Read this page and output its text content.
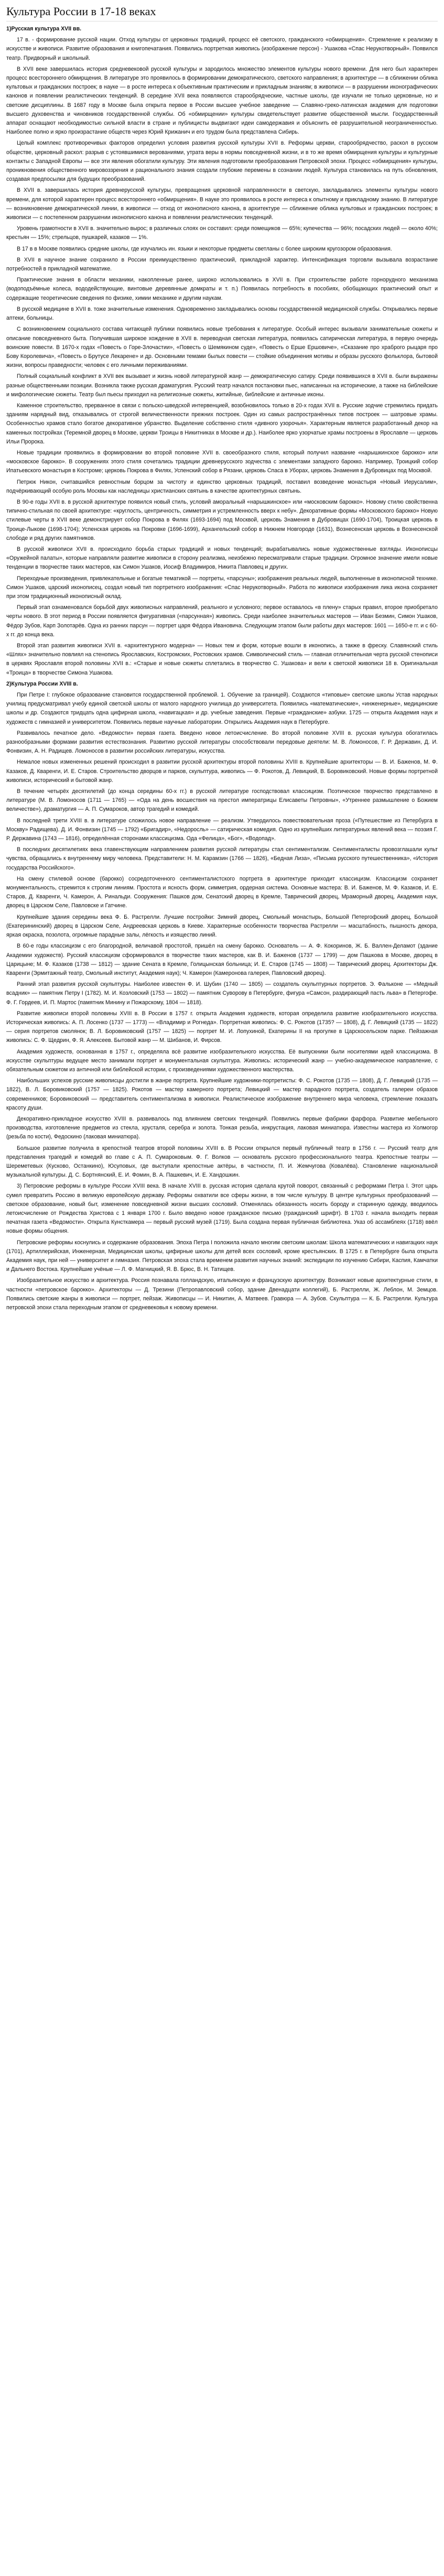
Культура России в 17-18 веках
1)Русская культура XVII вв.

17 в. - формирование русской нации. Отход культуры от церковных традиций, процесс её светского, гражданского «обмирщения». Стремление к реализму в искусстве и живописи. Развитие образования и книгопечатания. Появились портретная живопись (изображение персон) - Ушакова «Спас Нерукотворный». Появился театр. Придворный и школьный.

В XVII веке завершилась история средневековой русской культуры и зародилось множество элементов культуры нового времени. Для него был характерен процесс всестороннего обмирщения. В литературе это проявилось в формировании демократического, светского направления; в архитектуре — в сближении облика культовых и гражданских построек; в науке — в росте интереса к объективным практическим и прикладным знаниям; в живописи — в разрушении иконографических канонов и появлении реалистических тенденций. В середине XVII века появляются старообрядческие, частные школы, где изучали не только церковные, но и светские дисциплины. В 1687 году в Москве была открыта первое в России высшее учебное заведение — Славяно-греко-латинская академия для подготовки высшего духовенства и чиновников государственной службы. Об «обмирщении» культуры свидетельствует развитие общественной мысли. Государственный аппарат оснащают необходимостью сильной власти в стране и публицисты выдвигают идеи самодержавия и объяснить её разрушительной неограниченностью. Наиболее полно и ярко произрастание обществ через Юрий Крижанич и его трудом была представлена Сибирь.

Целый комплекс противоречивых факторов определил условия развития русской культуры XVII в. Реформы церкви, старообрядчество, раскол в русском обществе, церковный раскол: разрыв с устоявшимися верованиями, утрата веры в нормы повседневной жизни, и в то же время обмирщения культуры и культурные контакты с Западной Европы — все эти явления обогатили культуру. Эти явления подготовили преобразования Петровской эпохи. Процесс «обмирщения» культуры, проникновения общественного мировоззрения и рационального знания создали глубокие перемены в сознании людей. Культура становилась на путь обновления, создавая предпосылки для будущих преобразований.

В XVII в. завершилась история древнерусской культуры, превращения церковной направленности в светскую, закладывались элементы культуры нового времени, для которой характерен процесс всестороннего «обмирщения». В науке это проявилось в росте интереса к опытному и прикладному знанию. В литературе — возникновение демократической линии, в живописи — отход от иконописного канона, в архитектуре — сближение облика культовых и гражданских построек; в живописи — с постепенном разрушении иконописного канона и появлении реалистических тенденций.

Уровень грамотности в XVII в. значительно вырос; в различных слоях он составил: среди помещиков — 65%; купечества — 96%; посадских людей — около 40%; крестьян — 15%; стрельцов, пушкарей, казаков — 1%.

В 17 в в Москве появились средние школы, где изучались ин. языки и некоторые предметы светланы с более широким кругозором образования.

В XVII в научное знание сохранило в России преимущественно практический, прикладной характер. Интенсификация торговли вызывала возрастание потребностей в прикладной математике.

Практические знания в области механики, накопленные ранее, широко использовались в XVII в. При строительстве работе горнорудного механизма (водоподъёмные колеса, вододействующие, винтовые деревянные домкраты и т. п.) Появилась потребность в пособиях, обобщающих практический опыт и содержащие теоретические сведения по физике, химии механике и другим наукам.

В русской медицине в XVII в. тоже значительные изменения. Одновременно закладывались основы государственной медицинской службы. Открывались первые аптеки, больницы.

С возникновением социального состава читающей публики появились новые требования к литературе. Особый интерес вызывали занимательные сюжеты и описание повседневного быта. Получившая широкое хождение в XVII в. переводная светская литература, появилась сатирическая литература, в первую очередь воинские повести. В 1670-х годах «Повесть о Горе-Злочастии», «Повесть о Шемякином суде», «Повесть о Ерше Ершовиче», «Сказание про храброго рыцаря про Бову Королевича», «Повесть о Брутусе Лекарене» и др. Основными темами былых повести — стойкие объединения мотивы и образы русского фольклора, бытовой жизни, вопросы праведности; человек с его личными переживаниями.

Полный социальный конфликт в XVII век вызывает и жизнь новой литературной жанр — демократическую сатиру. Среди появившихся в XVII в. были выражены разные общественными позиции. Возникла также русская драматургия. Русский театр начался постановки пьес, написанных на исторические, а также на библейские и мифологические сюжеты. Театр был пьесы приходил на религиозные сюжеты, житийные, библейские и античные иконы.

Каменное строительство, прерванное в связи с польско-шведской интервенцией, возобновилось только в 20-х годах XVII в. Русские зодчие стремились придать зданиям нарядный вид, отказывались от строгой величественности прежних построек. Один из самых распространённых типов построек — шатровые храмы. Особенностью храмов стало богатое декоративное убранство. Выделение собственно стиля «дивного узорочья». Характерным является разработанный декор на каменных постройках (Теремной дворец в Москве, церкви Троицы в Никитниках в Москве и др.). Наиболее ярко узорчатые храмы построены в Ярославле — церковь Ильи Пророка.

Новые традиции проявились в формировании во второй половине XVII в. своеобразного стиля, который получил название «нарышкинское барокко» или «московское барокко». В сооружениях этого стиля сочетались традиции древнерусского зодчества с элементами западного барокко. Например, Троицкий собор Ипатьевского монастыря в Костроме; церковь Покрова в Филях, Успенский собор в Рязани, церковь Спаса в Уборах, церковь Знамения в Дубровицах под Москвой.

Петрюк Никон, считавшийся ревностным борцом за чистоту и единство церковных традиций, поставил возведение монастыря «Новый Иерусалим», подчёркивающий особую роль Москвы как наследницы христианских святынь в качестве архитектурных святынь.

В 90-е годы XVII в. в русской архитектуре появился новый стиль, условий аморальный «нарышкинское» или «московским барокко». Новому стилю свойственна типично-стильная по своей архитектуре: «круглость, центричность, симметрия и устремленность вверх к небу». Декоративные формы «Московского барокко» Новую стилевые черты в XVII веке демонстрирует собор Покрова в Филях (1693-1694) под Москвой, церковь Знамения в Дубровицах (1690-1704), Троицкая церковь в Троице-Лыкове (1698-1704); Успенская церковь на Покровке (1696-1699), Архангельский собор в Нижнем Новгороде (1631), Вознесенская церковь в Вознесенской слободе и ряд других памятников.

В русской живописи XVII в. происходило борьба старых традиций и новых тенденций; вырабатывались новые художественные взгляды. Иконописцы «Оружейной палаты», которые направляли развитие живописи в сторону реализма, неизбежно пересматривали старые традиции. Огромное значение имели новые тенденции в творчестве таких мастеров, как Симон Ушаков, Иосиф Владимиров, Никита Павловец и других.

Переходные произведения, привлекательные и богатые тематикой — портреты, «парсуны»; изображения реальных людей, выполненные в иконописной технике. Симон Ушаков, царский иконописец, создал новый тип портретного изображения: «Спас Нерукотворный». Работа по живописи изображения лика икона сохраняет при этом традиционный иконописный оклад.

Первый этап ознаменовался борьбой двух живописных направлений, реального и условного; первое оставалось «в плену» старых правил, второе приобретало черты нового. В этот период в России появляется фигуративная («парсунная») живопись. Среди наиболее значительных мастеров — Иван Безмин, Симон Ушаков, Фёдор Зубов, Карп Золотарёв. Одна из ранних парсун — портрет царя Фёдора Ивановича. Следующим этапом были работы двух мастеров: 1601 — 1650-е гг. и с 60-х гг. до конца века.

Второй этап развития живописи XVII в. «архитектурного модерна» — Новых тем и форм, которые вошли в иконопись, а также в фреску. Славянский стиль «Шлях» значительно повлиял на стенопись Ярославских, Костромских, Ростовских храмов. Символический стиль — главная отличительная черта русской стенописи в церквях Ярославля второй половины XVII в.: «Старые и новые сюжеты сплетались в творчество С. Ушакова» и вели к светской живописи 18 в. Оригинальная «Троица» в творчестве Симона Ушакова.

2)Культура России XVIII в.

При Петре I: глубокое образование становится государственной проблемой. 1. Обучение за границей). Создаются «типовые» светские школы Устав народных училищ предусматривал учебу единой светской школы от малого народного училища до университета. Появились «математические», «инженерные», медицинские школы и др. Создаются тридцать одна цифирная школа, «навигацкая» и др. учебные заведения. Первые «гражданские» азбуки. 1725 — открыта Академия наук и художеств с гимназией и университетом. Появились первые научные лаборатории. Открылись Академия наук в Петербурге.

Развивалось печатное дело. «Ведомости» первая газета. Введено новое летоисчисление. Во второй половине XVIII в. русская культура обогатилась разнообразными формами развития естествознания. Развитию русской литературы способствовали передовые деятели: М. В. Ломоносов, Г. Р. Державин, Д. И. Фонвизин, А. Н. Радищев. Ломоносов в развитии российских литературы, искусства.

Немалое новых измененных решений происходил в развитии русской архитектуры второй половины XVIII в. Крупнейшие архитекторы — В. И. Баженов, М. Ф. Казаков, Д. Кваренги, И. Е. Старов. Строительство дворцов и парков, скульптура, живопись — Ф. Рокотов, Д. Левицкий, В. Боровиковский. Новые формы портретной живописи, исторический и бытовой жанр.

В течение четырёх десятилетий (до конца середины 60-х гг.) в русской литературе господствовал классицизм. Поэтическое творчество представлено в литературе (М. В. Ломоносов (1711 — 1765) — «Ода на день восшествия на престол императрицы Елисаветы Петровны», «Утреннее размышление о Божием величестве»), драматургия — А. П. Сумароков, автор трагедий и комедий.

В последней трети XVIII в. в литературе сложилось новое направление — реализм. Утвердилось повествовательная проза («Путешествие из Петербурга в Москву» Радищева). Д. И. Фонвизин (1745 — 1792) «Бригадир», «Недоросль» — сатирическая комедия. Одно из крупнейших литературных явлений века — поэзия Г. Р. Державина (1743 — 1816), определённая сторонами классицизма. Ода «Фелица», «Бог», «Водопад».

В последних десятилетиях века главенствующим направлением развития русской литературы стал сентиментализм. Сентименталисты провозглашали культ чувства, обращались к внутреннему миру человека. Представители: Н. М. Карамзин (1766 — 1826), «Бедная Лиза», «Письма русского путешественника», «История государства Российского».

На смену стилевой основе (барокко) сосредоточенного сентименталистского портрета в архитектуре приходит классицизм. Классицизм сохраняет монументальность, стремится к строгим линиям. Простота и ясность форм, симметрия, ордерная система. Основные мастера: В. И. Баженов, М. Ф. Казаков, И. Е. Старов, Д. Кваренги, Ч. Камерон, А. Ринальди. Сооружения: Пашков дом, Сенатский дворец в Кремле, Таврический дворец, Мраморный дворец, Академия наук, дворец в Царском Селе, Павловске и Гатчине.

Крупнейшие здания середины века Ф. Б. Растрелли. Лучшие постройки: Зимний дворец, Смольный монастырь, Большой Петергофский дворец, Большой (Екатерининский) дворец в Царском Селе, Андреевская церковь в Киеве. Характерные особенности творчества Растрелли — масштабность, пышность декора, яркая окраска, позолота, огромные парадные залы, лёгкость и изящество линий.

В 60-е годы классицизм с его благородной, величавой простотой, пришёл на смену барокко. Основатель — А. Ф. Кокоринов, Ж. Б. Валлен-Деламот (здание Академии художеств). Русский классицизм сформировался в творчестве таких мастеров, как В. И. Баженов (1737 — 1799) — дом Пашкова в Москве, дворец в Царицыне; М. Ф. Казаков (1738 — 1812) — здание Сената в Кремле, Голицынская больница; И. Е. Старов (1745 — 1808) — Таврический дворец. Архитекторы Дж. Кваренги (Эрмитажный театр, Смольный институт, Академия наук); Ч. Камерон (Камеронова галерея, Павловский дворец).

Ранний этап развития русской скульптуры. Наиболее известен Ф. И. Шубин (1740 — 1805) — создатель скульптурных портретов. Э. Фальконе — «Медный всадник» — памятник Петру I (1782). М. И. Козловский (1753 — 1802) — памятник Суворову в Петербурге, фигура «Самсон, раздирающий пасть льва» в Петергофе. Ф. Г. Гордеев, И. П. Мартос (памятник Минину и Пожарскому, 1804 — 1818).

Развитие живописи второй половины XVIII в. В России в 1757 г. открыта Академия художеств, которая определила развитие изобразительного искусства. Историческая живопись: А. П. Лосенко (1737 — 1773) — «Владимир и Рогнеда». Портретная живопись: Ф. С. Рокотов (1735? — 1808), Д. Г. Левицкий (1735 — 1822) — серия портретов смолянок; В. Л. Боровиковский (1757 — 1825) — портрет М. И. Лопухиной, Екатерины II на прогулке в Царскосельском парке. Пейзажная живопись: С. Ф. Щедрин, Ф. Я. Алексеев. Бытовой жанр — М. Шибанов, И. Фирсов.

Академия художеств, основанная в 1757 г., определяла всё развитие изобразительного искусства. Её выпускники были носителями идей классицизма. В искусстве скульптуры ведущее место занимали портрет и монументальная скульптура. Живопись: исторический жанр — учебно-академическое направление, с обязательным сюжетом из античной или библейской истории, с произведениями художественного мастерства.

Наибольших успехов русские живописцы достигли в жанре портрета. Крупнейшие художники-портретисты: Ф. С. Рокотов (1735 — 1808), Д. Г. Левицкий (1735 — 1822), В. Л. Боровиковский (1757 — 1825). Рокотов — мастер камерного портрета; Левицкий — мастер парадного портрета, создатель галереи образов современников; Боровиковский — представитель сентиментализма в живописи. Реалистическое изображение внутреннего мира человека, стремление показать красоту души.

Декоративно-прикладное искусство XVIII в. развивалось под влиянием светских тенденций. Появились первые фабрики фарфора. Развитие мебельного производства, изготовление предметов из стекла, хрусталя, серебра и золота. Тонкая резьба, инкрустация, лаковая миниатюра. Известны мастера из Холмогор (резьба по кости), Федоскино (лаковая миниатюра).

Большое развитие получила в крепостной театров второй половины XVIII в. В России открылся первый публичный театр в 1756 г. — Русский театр для представления трагедий и комедий во главе с А. П. Сумароковым. Ф. Г. Волков — основатель русского профессионального театра. Крепостные театры — Шереметевых (Кусково, Останкино), Юсуповых, где выступали крепостные актёры, в частности, П. И. Жемчугова (Ковалёва). Становление национальной музыкальной культуры. Д. С. Бортнянский, Е. И. Фомин, В. А. Пашкевич, И. Е. Хандошкин.

3) Петровские реформы в культуре России XVIII века. В начале XVIII в. русская история сделала крутой поворот, связанный с реформами Петра I. Этот царь сумел превратить Россию в великую европейскую державу. Реформы охватили все сферы жизни, в том числе культуру. В центре культурных преобразований — светское образование, новый быт, изменение повседневной жизни высших сословий. Отменялась обязанность носить бороду и старинную одежду, вводилось летоисчисление от Рождества Христова с 1 января 1700 г. Было введено новое гражданское письмо (гражданский шрифт). В 1703 г. начала выходить первая печатная газета «Ведомости». Открыта Кунсткамера — первый русский музей (1719). Была создана первая публичная библиотека. Указ об ассамблеях (1718) ввёл новые формы общения.

Петровские реформы коснулись и содержание образования. Эпоха Петра I положила начало многим светским школам: Школа математических и навигацких наук (1701), Артиллерийская, Инженерная, Медицинская школы, цифирные школы для детей всех сословий, кроме крестьянских. В 1725 г. в Петербурге была открыта Академия наук, при ней — университет и гимназия. Петровская эпоха стала временем развития научных знаний: экспедиции по изучению Сибири, Каспия, Камчатки и Дальнего Востока. Крупнейшие учёные — Л. Ф. Магницкий, Я. В. Брюс, В. Н. Татищев.

Изобразительное искусство и архитектура. Россия познавала голландскую, итальянскую и французскую архитектуру. Возникают новые архитектурные стили, в частности «петровское барокко». Архитекторы — Д. Трезини (Петропавловский собор, здание Двенадцати коллегий), Б. Растрелли, Ж. Леблон, М. Земцов. Появились светские жанры в живописи — портрет, пейзаж. Живописцы — И. Никитин, А. Матвеев. Гравюра — А. Зубов. Скульптура — К. Б. Растрелли. Культура петровской эпохи стала переходным этапом от средневековья к новому времени.
